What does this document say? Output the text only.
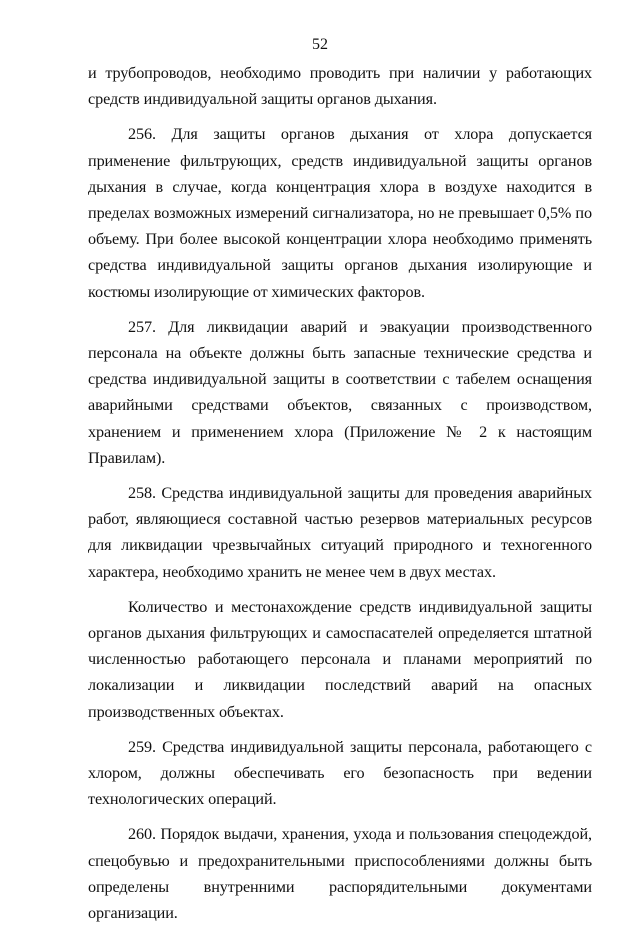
52

и трубопроводов, необходимо проводить при наличии у работающих средств индивидуальной защиты органов дыхания.

256. Для защиты органов дыхания от хлора допускается применение фильтрующих, средств индивидуальной защиты органов дыхания в случае, когда концентрация хлора в воздухе находится в пределах возможных измерений сигнализатора, но не превышает 0,5% по объему. При более высокой концентрации хлора необходимо применять средства индивидуальной защиты органов дыхания изолирующие и костюмы изолирующие от химических факторов.

257. Для ликвидации аварий и эвакуации производственного персонала на объекте должны быть запасные технические средства и средства индивидуальной защиты в соответствии с табелем оснащения аварийными средствами объектов, связанных с производством, хранением и применением хлора (Приложение № 2 к настоящим Правилам).

258. Средства индивидуальной защиты для проведения аварийных работ, являющиеся составной частью резервов материальных ресурсов для ликвидации чрезвычайных ситуаций природного и техногенного характера, необходимо хранить не менее чем в двух местах.

Количество и местонахождение средств индивидуальной защиты органов дыхания фильтрующих и самоспасателей определяется штатной численностью работающего персонала и планами мероприятий по локализации и ликвидации последствий аварий на опасных производственных объектах.

259. Средства индивидуальной защиты персонала, работающего с хлором, должны обеспечивать его безопасность при ведении технологических операций.

260. Порядок выдачи, хранения, ухода и пользования спецодеждой, спецобувью и предохранительными приспособлениями должны быть определены внутренними распорядительными документами организации.
